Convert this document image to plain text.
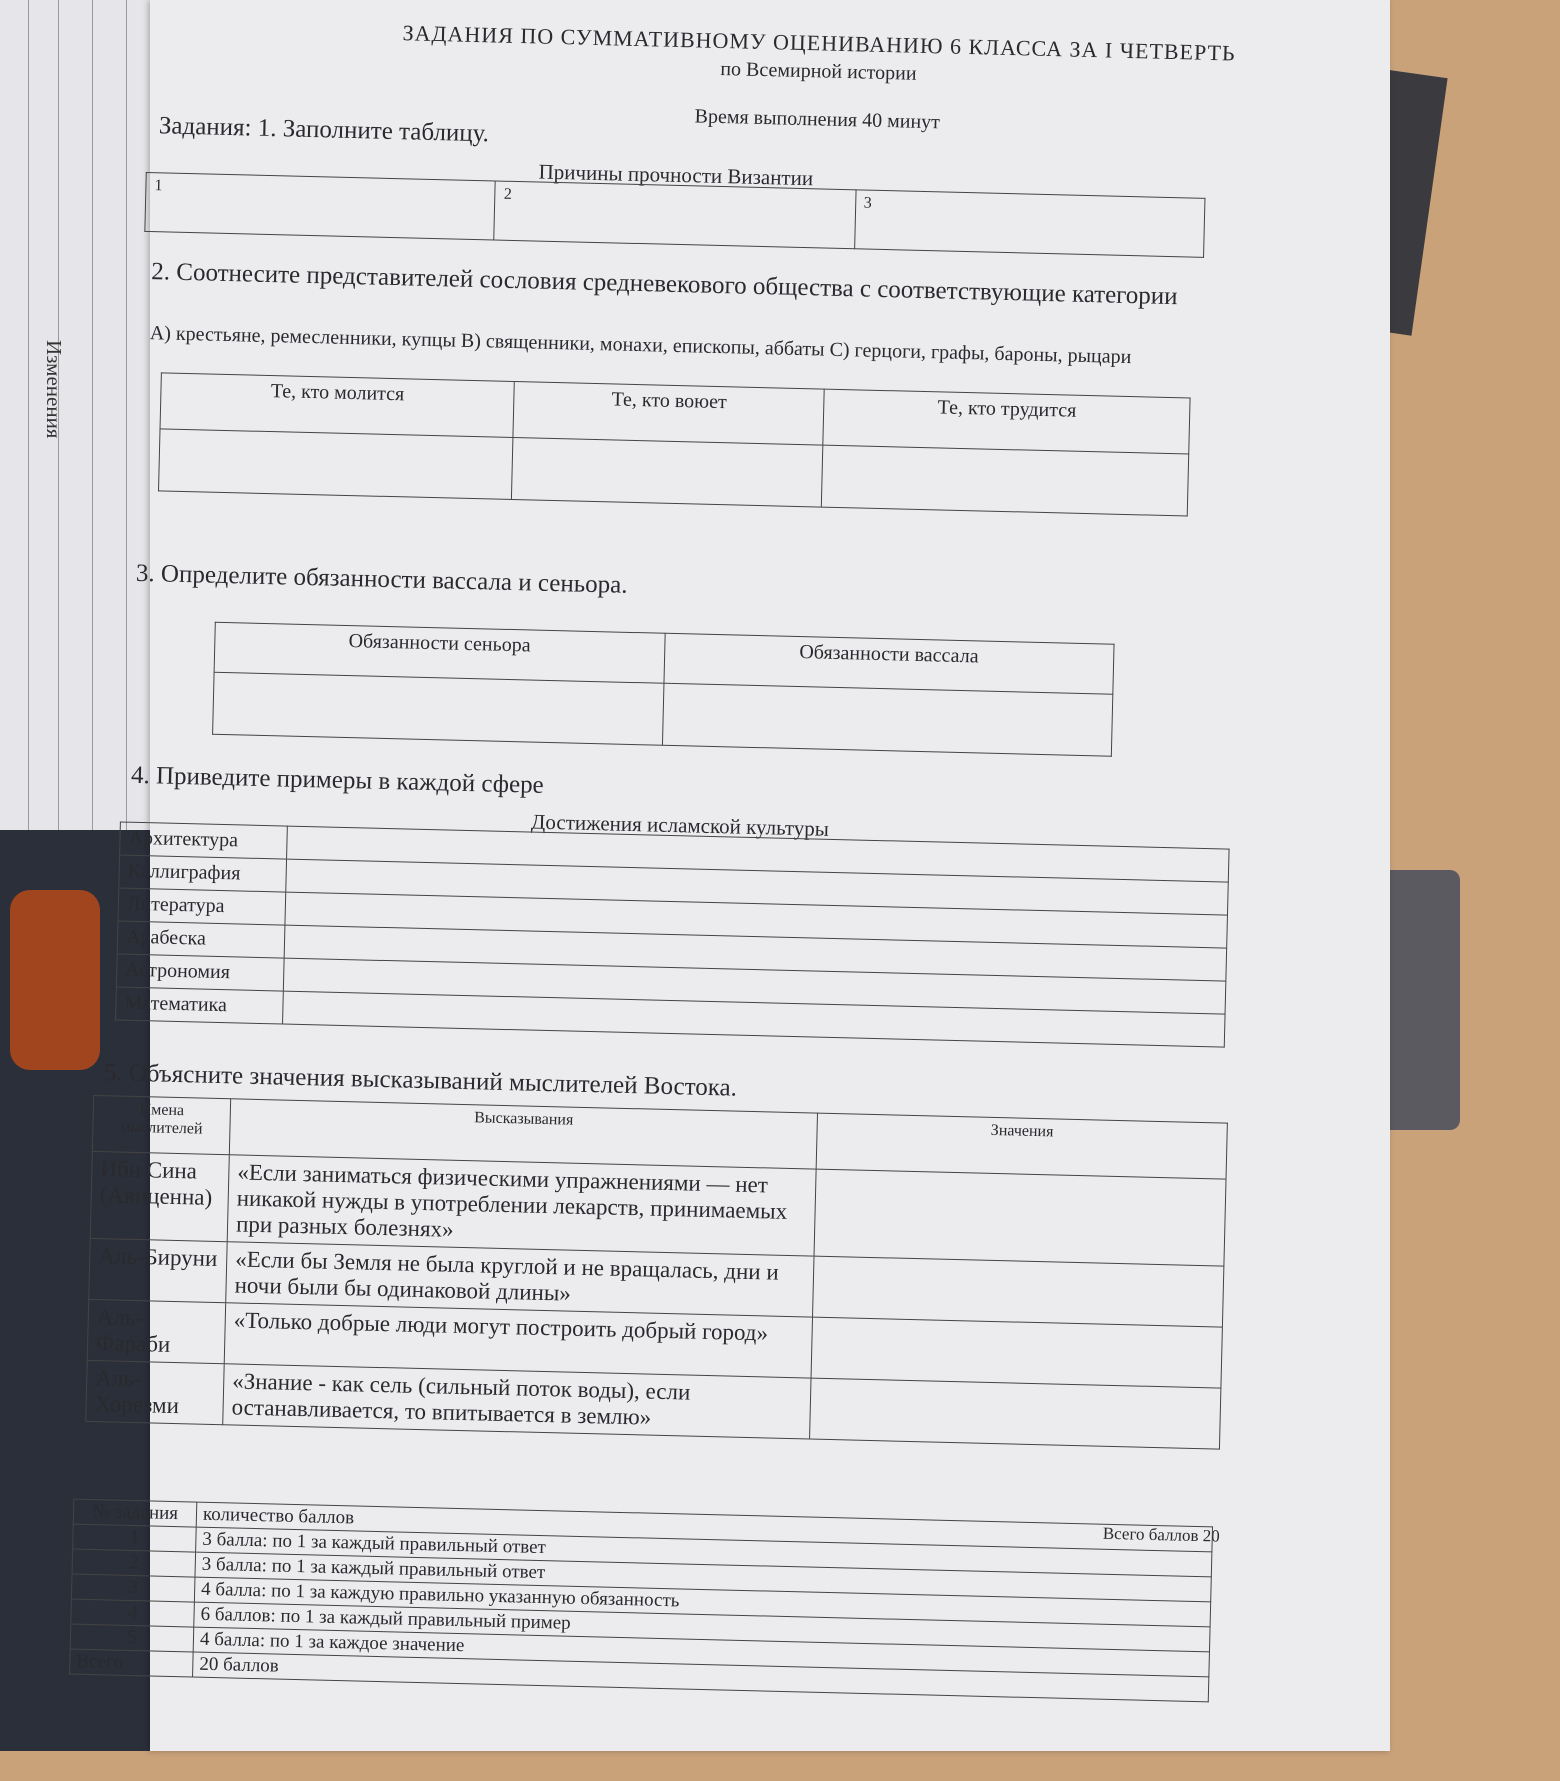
Изменения
ЗАДАНИЯ ПО СУММАТИВНОМУ ОЦЕНИВАНИЮ 6 КЛАССА ЗА I ЧЕТВЕРТЬ
по Всемирной истории
Время выполнения 40 минут
Задания: 1. Заполните таблицу.
Причины прочности Византии
1	2	3
2. Соотнесите представителей сословия средневекового общества с соответствующие категории
А) крестьяне, ремесленники, купцы В) священники, монахи, епископы, аббаты С) герцоги, графы, бароны, рыцари
Те, кто молится	Те, кто воюет	Те, кто трудится

3. Определите обязанности вассала и сеньора.
Обязанности сеньора	Обязанности вассала

4. Приведите примеры в каждой сфере
Достижения исламской культуры
Архитектура	
Каллиграфия	
Литература	
Арабеска	
Астрономия	
Математика	
5. Объясните значения высказываний мыслителей Востока.
Имена мыслителей	Высказывания	Значения
Ибн Сина (Авиценна)	«Если заниматься физическими упражнениями — нет никакой нужды в употреблении лекарств, принимаемых при разных болезнях»	
Аль-Бируни	«Если бы Земля не была круглой и не вращалась, дни и ночи были бы одинаковой длины»	
Аль-Фараби	«Только добрые люди могут построить добрый город»	
Аль-Хорезми	«Знание - как сель (сильный поток воды), если останавливается, то впитывается в землю»	
Всего баллов 20
№ задания	количество баллов
1	3 балла: по 1 за каждый правильный ответ
2	3 балла: по 1 за каждый правильный ответ
3	4 балла: по 1 за каждую правильно указанную обязанность
4	6 баллов: по 1 за каждый правильный пример
5	4 балла: по 1 за каждое значение
Всего	20 баллов
